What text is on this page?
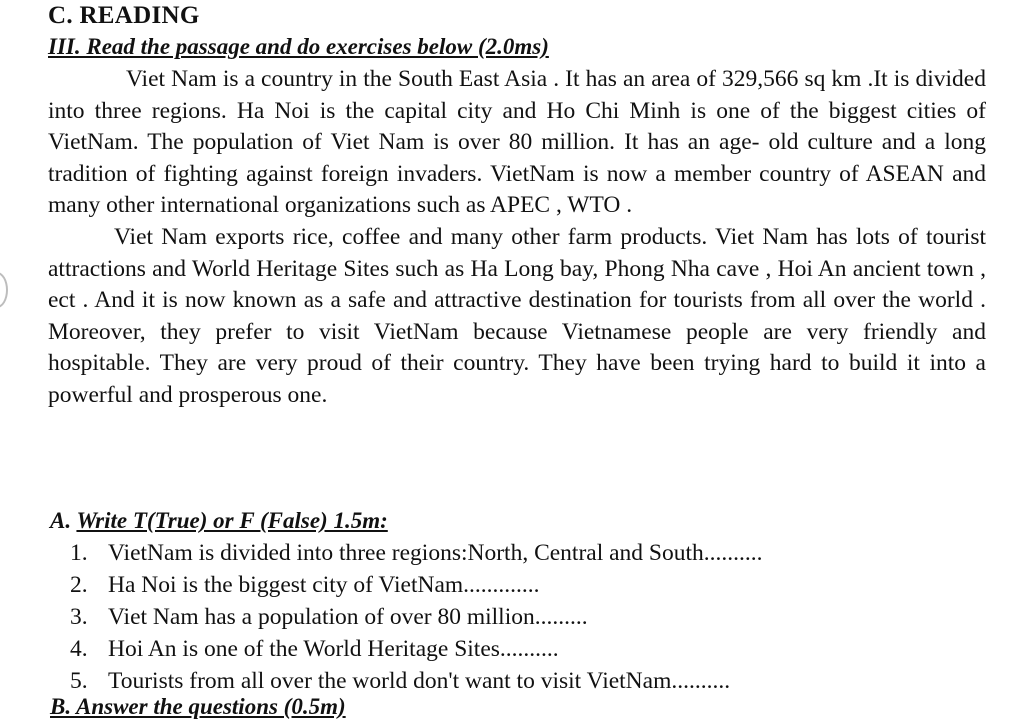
C. READING
III. Read the passage and do exercises below (2.0ms)

Viet Nam is a country in the South East Asia . It has an area of 329,566 sq km .It is divided into three regions. Ha Noi is the capital city and Ho Chi Minh is one of the biggest cities of VietNam. The population of Viet Nam is over 80 million. It has an age- old culture and a long tradition of fighting against foreign invaders. VietNam is now a member country of ASEAN and many other international organizations such as APEC , WTO .

Viet Nam exports rice, coffee and many other farm products. Viet Nam has lots of tourist attractions and World Heritage Sites such as Ha Long bay, Phong Nha cave , Hoi An ancient town , ect . And it is now known as a safe and attractive destination for tourists from all over the world . Moreover, they prefer to visit VietNam because Vietnamese people are very friendly and hospitable. They are very proud of their country. They have been trying hard to build it into a powerful and prosperous one.

A. Write T(True) or F (False) 1.5m:
1. VietNam is divided into three regions:North, Central and South ..........
2. Ha Noi is the biggest city of VietNam .............
3. Viet Nam has a population of over 80 million .........
4. Hoi An is one of the World Heritage Sites ..........
5. Tourists from all over the world don't want to visit VietNam ..........
B. Answer the questions (0.5m)
